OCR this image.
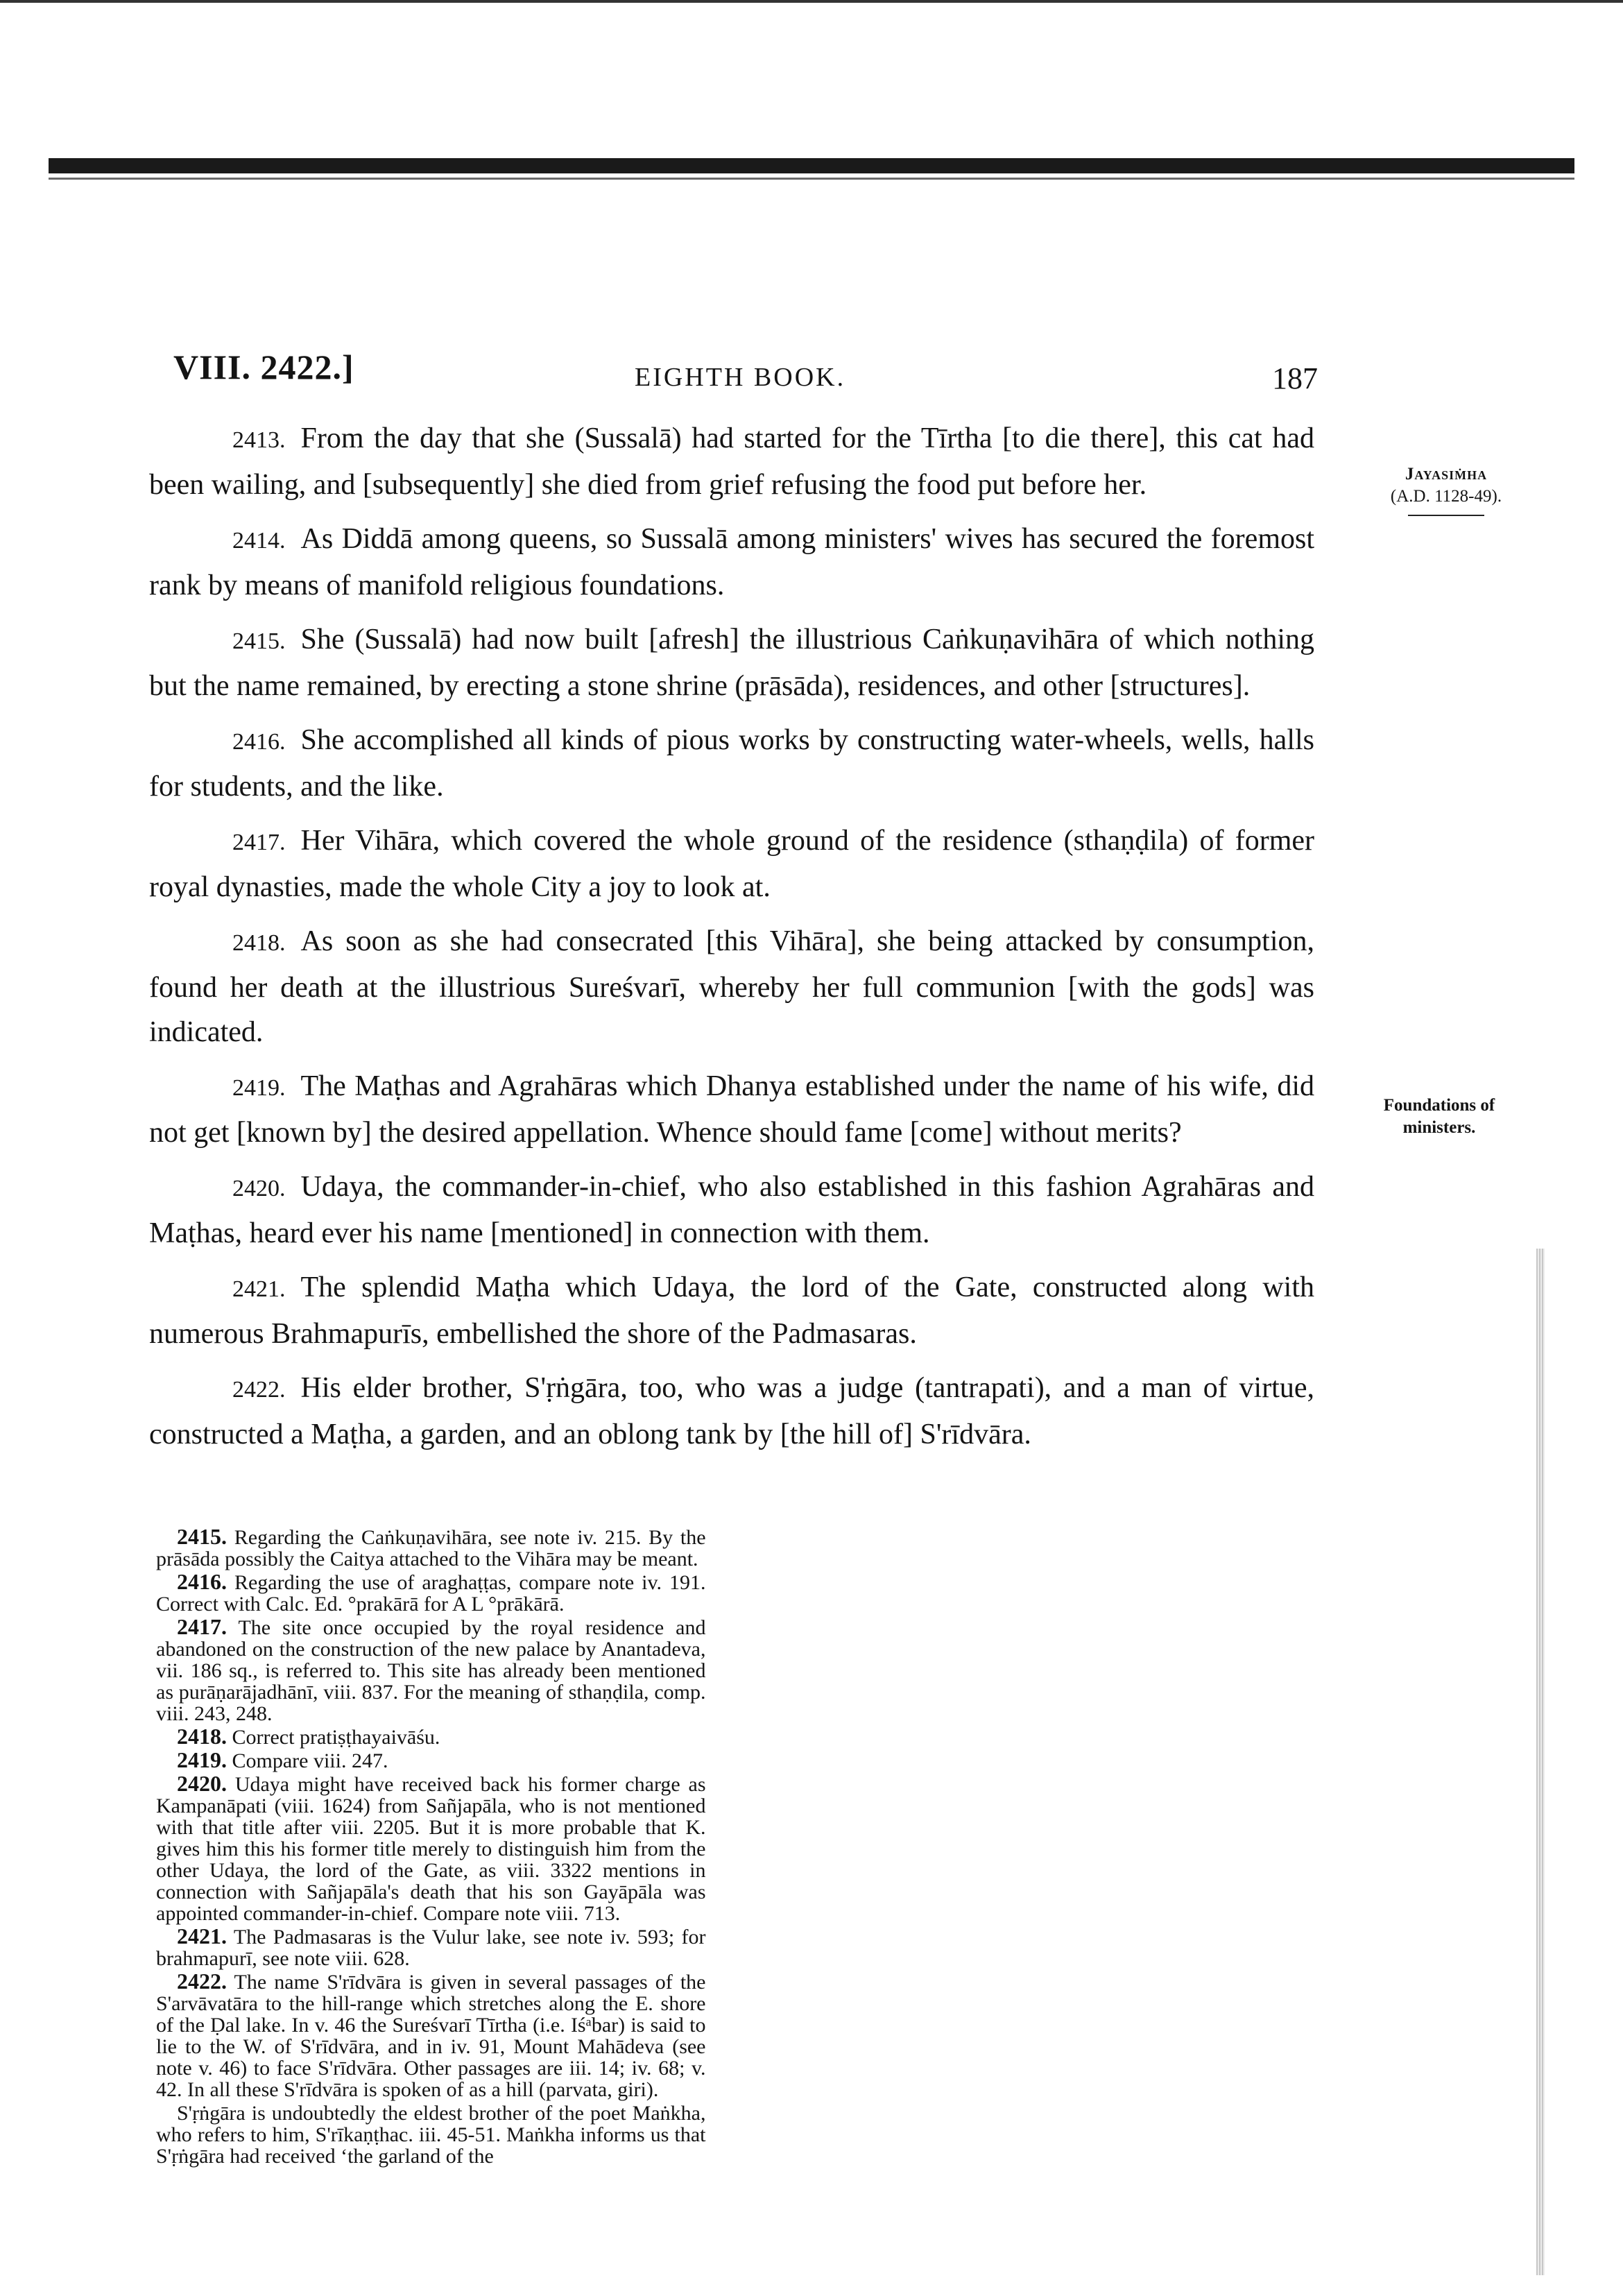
VIII. 2422.]	EIGHTH BOOK.	187
Jayasiṁha
(A.D. 1128-49).
Foundations of ministers.

2413. From the day that she (Sussalā) had started for the Tīrtha [to die there], this cat had been wailing, and [subsequently] she died from grief refusing the food put before her.

2414. As Diddā among queens, so Sussalā among ministers' wives has secured the foremost rank by means of manifold religious foundations.

2415. She (Sussalā) had now built [afresh] the illustrious Caṅkuṇavihāra of which nothing but the name remained, by erecting a stone shrine (prāsāda), residences, and other [structures].

2416. She accomplished all kinds of pious works by constructing water-wheels, wells, halls for students, and the like.

2417. Her Vihāra, which covered the whole ground of the residence (sthaṇḍila) of former royal dynasties, made the whole City a joy to look at.

2418. As soon as she had consecrated [this Vihāra], she being attacked by consumption, found her death at the illustrious Sureśvarī, whereby her full communion [with the gods] was indicated.

2419. The Maṭhas and Agrahāras which Dhanya established under the name of his wife, did not get [known by] the desired appellation. Whence should fame [come] without merits?

2420. Udaya, the commander-in-chief, who also established in this fashion Agrahāras and Maṭhas, heard ever his name [mentioned] in connection with them.

2421. The splendid Maṭha which Udaya, the lord of the Gate, constructed along with numerous Brahmapurīs, embellished the shore of the Padmasaras.

2422. His elder brother, S'ṛṅgāra, too, who was a judge (tantrapati), and a man of virtue, constructed a Maṭha, a garden, and an oblong tank by [the hill of] S'rīdvāra.

2415. Regarding the Caṅkuṇavihāra, see note iv. 215. By the prāsāda possibly the Caitya attached to the Vihāra may be meant.

2416. Regarding the use of araghaṭṭas, compare note iv. 191. Correct with Calc. Ed. °prakārā for A L °prākārā.

2417. The site once occupied by the royal residence and abandoned on the construction of the new palace by Anantadeva, vii. 186 sq., is referred to. This site has already been mentioned as purāṇarājadhānī, viii. 837. For the meaning of sthaṇḍila, comp. viii. 243, 248.

2418. Correct pratiṣṭhayaivāśu.

2419. Compare viii. 247.

2420. Udaya might have received back his former charge as Kampanāpati (viii. 1624) from Sañjapāla, who is not mentioned with that title after viii. 2205. But it is more probable that K. gives him this his former title merely to distinguish him from the other Udaya, the lord of the Gate, as viii. 3322 mentions in connection with Sañjapāla's death that his son Gayāpāla was appointed commander-in-chief. Compare note viii. 713.

2421. The Padmasaras is the Vulur lake, see note iv. 593; for brahmapurī, see note viii. 628.

2422. The name S'rīdvāra is given in several passages of the S'arvāvatāra to the hill-range which stretches along the E. shore of the Ḍal lake. In v. 46 the Sureśvarī Tīrtha (i.e. Iśᵃbar) is said to lie to the W. of S'rīdvāra, and in iv. 91, Mount Mahādeva (see note v. 46) to face S'rīdvāra. Other passages are iii. 14; iv. 68; v. 42. In all these S'rīdvāra is spoken of as a hill (parvata, giri).

S'ṛṅgāra is undoubtedly the eldest brother of the poet Maṅkha, who refers to him, S'rīkaṇṭhac. iii. 45-51. Maṅkha informs us that S'ṛṅgāra had received ‘the garland of the
